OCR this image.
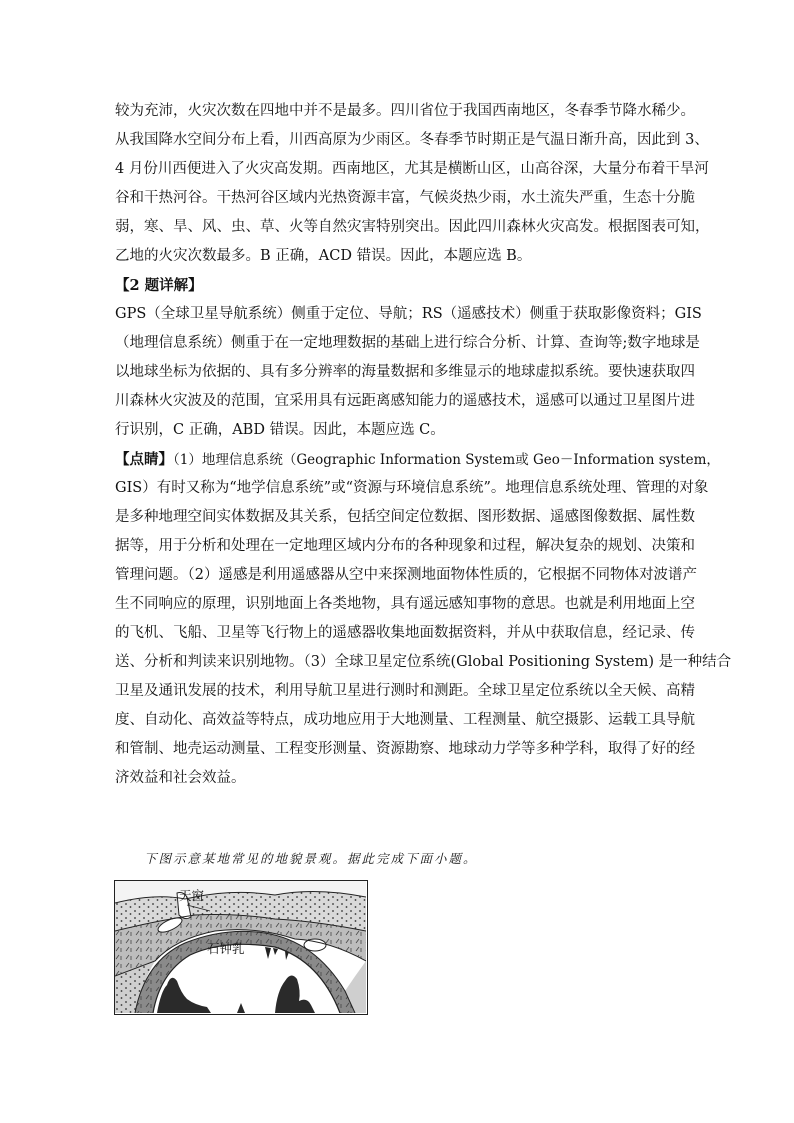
较为充沛，火灾次数在四地中并不是最多。四川省位于我国西南地区，冬春季节降水稀少。
从我国降水空间分布上看，川西高原为少雨区。冬春季节时期正是气温日渐升高，因此到 3、
4 月份川西便进入了火灾高发期。西南地区，尤其是横断山区，山高谷深，大量分布着干旱河
谷和干热河谷。干热河谷区域内光热资源丰富，气候炎热少雨，水土流失严重，生态十分脆
弱，寒、旱、风、虫、草、火等自然灾害特别突出。因此四川森林火灾高发。根据图表可知，
乙地的火灾次数最多。B 正确，ACD 错误。因此，本题应选 B。
【2 题详解】
GPS（全球卫星导航系统）侧重于定位、导航；RS（遥感技术）侧重于获取影像资料；GIS
（地理信息系统）侧重于在一定地理数据的基础上进行综合分析、计算、查询等;数字地球是
以地球坐标为依据的、具有多分辨率的海量数据和多维显示的地球虚拟系统。要快速获取四
川森林火灾波及的范围，宜采用具有远距离感知能力的遥感技术，遥感可以通过卫星图片进
行识别，C 正确，ABD 错误。因此，本题应选 C。
【点睛】（1）地理信息系统（Geographic Information System或 Geo－Information system，
GIS）有时又称为“地学信息系统”或“资源与环境信息系统”。地理信息系统处理、管理的对象
是多种地理空间实体数据及其关系，包括空间定位数据、图形数据、遥感图像数据、属性数
据等，用于分析和处理在一定地理区域内分布的各种现象和过程，解决复杂的规划、决策和
管理问题。（2）遥感是利用遥感器从空中来探测地面物体性质的，它根据不同物体对波谱产
生不同响应的原理，识别地面上各类地物，具有遥远感知事物的意思。也就是利用地面上空
的飞机、飞船、卫星等飞行物上的遥感器收集地面数据资料，并从中获取信息，经记录、传
送、分析和判读来识别地物。（3）全球卫星定位系统(Global Positioning System) 是一种结合
卫星及通讯发展的技术，利用导航卫星进行测时和测距。全球卫星定位系统以全天候、高精
度、自动化、高效益等特点，成功地应用于大地测量、工程测量、航空摄影、运载工具导航
和管制、地壳运动测量、工程变形测量、资源勘察、地球动力学等多种学科，取得了好的经
济效益和社会效益。
下图示意某地常见的地貌景观。据此完成下面小题。
天窗
石钟乳
